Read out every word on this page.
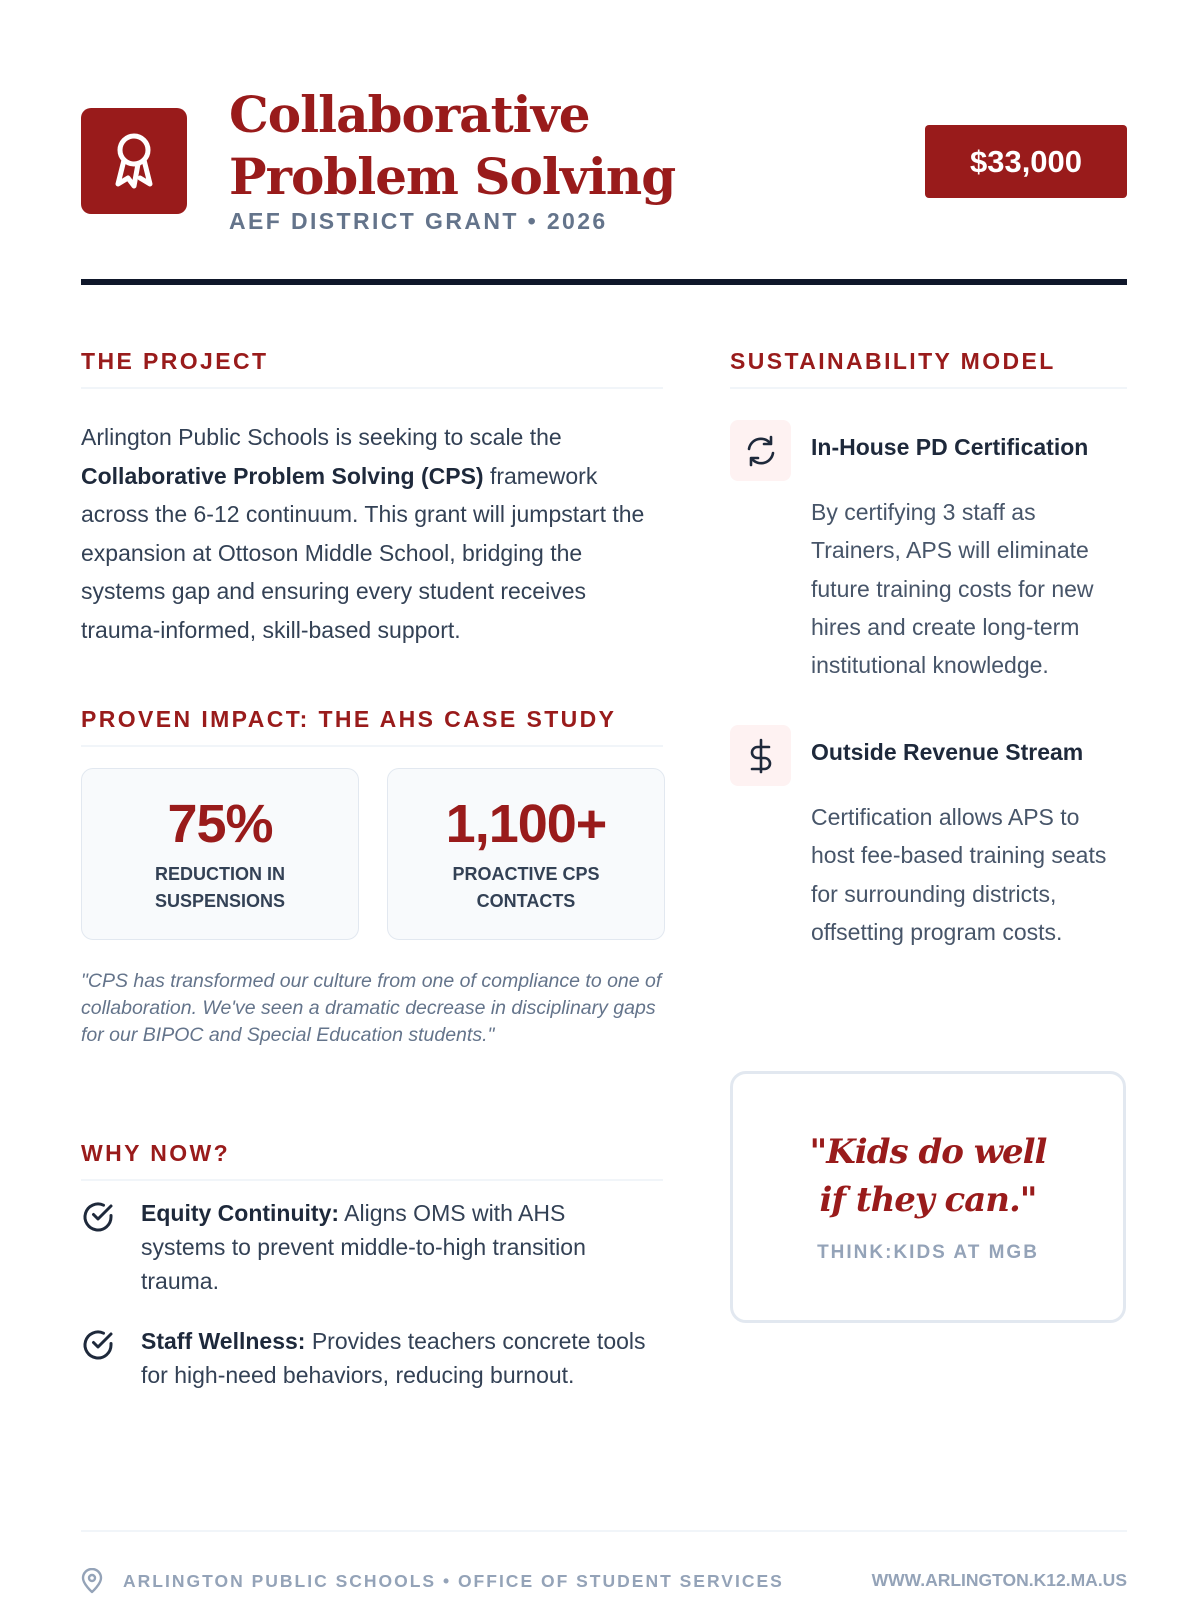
Collaborative Problem Solving
AEF DISTRICT GRANT • 2026
$33,000
THE PROJECT
Arlington Public Schools is seeking to scale the Collaborative Problem Solving (CPS) framework across the 6-12 continuum. This grant will jumpstart the expansion at Ottoson Middle School, bridging the systems gap and ensuring every student receives trauma-informed, skill-based support.
PROVEN IMPACT: THE AHS CASE STUDY
75%
REDUCTION IN SUSPENSIONS
1,100+
PROACTIVE CPS CONTACTS
"CPS has transformed our culture from one of compliance to one of collaboration. We've seen a dramatic decrease in disciplinary gaps for our BIPOC and Special Education students."
WHY NOW?
Equity Continuity: Aligns OMS with AHS systems to prevent middle-to-high transition trauma.
Staff Wellness: Provides teachers concrete tools for high-need behaviors, reducing burnout.
SUSTAINABILITY MODEL
In-House PD Certification
By certifying 3 staff as Trainers, APS will eliminate future training costs for new hires and create long-term institutional knowledge.
Outside Revenue Stream
Certification allows APS to host fee-based training seats for surrounding districts, offsetting program costs.
"Kids do well if they can."
THINK:KIDS AT MGB
ARLINGTON PUBLIC SCHOOLS • OFFICE OF STUDENT SERVICES	WWW.ARLINGTON.K12.MA.US
